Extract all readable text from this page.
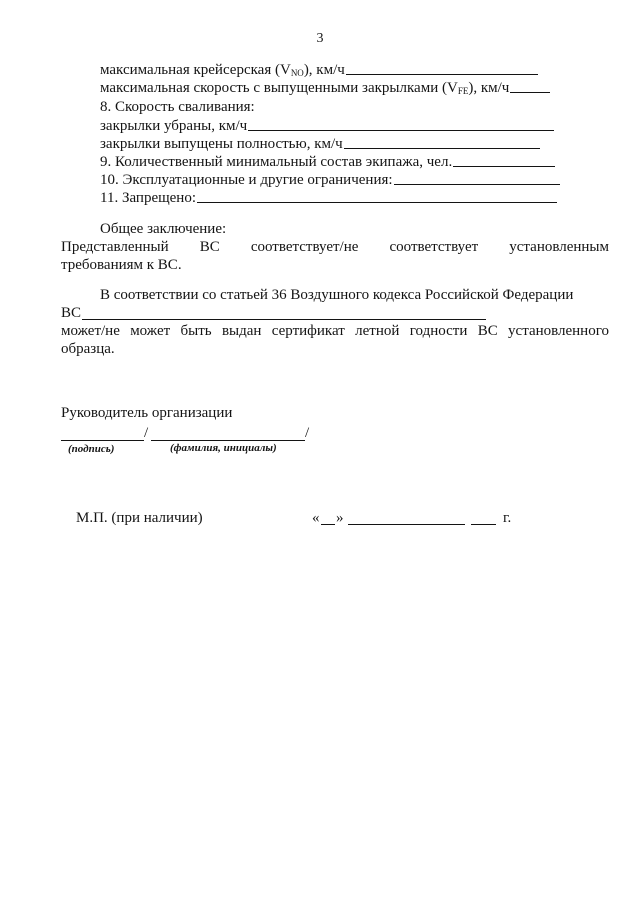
3
максимальная крейсерская (V NO ), км/ч
максимальная скорость с выпущенными закрылками (V FE ), км/ч
8. Скорость сваливания:
закрылки убраны, км/ч
закрылки выпущены полностью, км/ч
9. Количественный минимальный состав экипажа, чел.
10. Эксплуатационные и другие ограничения:
11. Запрещено:
Общее заключение:
Представленный ВС соответствует/не соответствует установленным
требованиям к ВС.
В соответствии со статьей 36 Воздушного кодекса Российской Федерации
ВС
может/не может быть выдан сертификат летной годности ВС установленного
образца.
Руководитель организации
/	/
(подпись)	(фамилия, инициалы)
М.П. (при наличии)	« »	г.
